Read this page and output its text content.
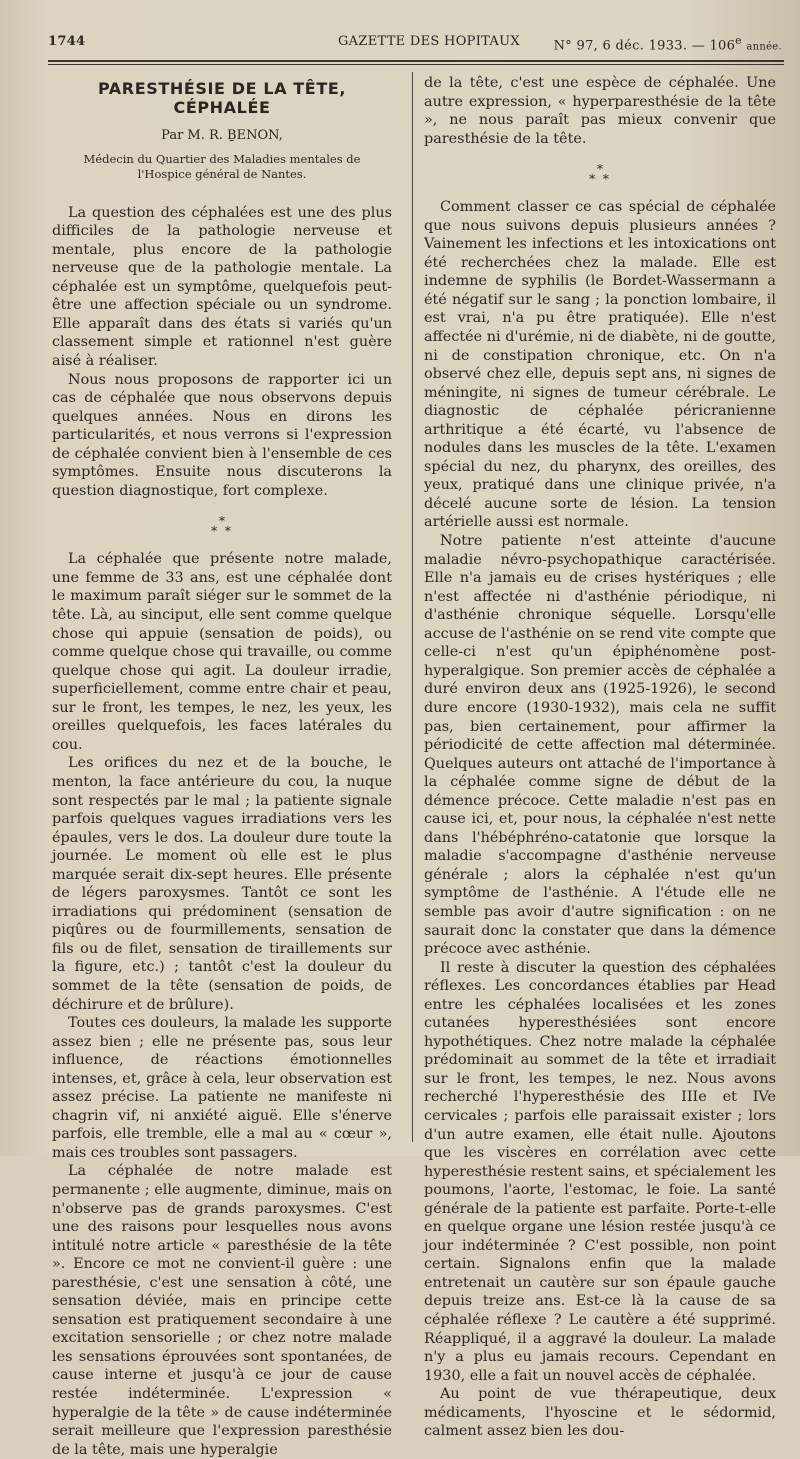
1744	GAZETTE DES HOPITAUX	N° 97, 6 déc. 1933. — 106e année.
PARESTHÉSIE DE LA TÊTE, CÉPHALÉE
Par M. R. ḆENON,
Médecin du Quartier des Maladies mentales de l'Hospice général de Nantes.

La question des céphalées est une des plus difficiles de la pathologie nerveuse et mentale, plus encore de la pathologie nerveuse que de la pathologie mentale. La céphalée est un symptôme, quelquefois peut-être une affection spéciale ou un syndrome. Elle apparaît dans des états si variés qu'un classement simple et rationnel n'est guère aisé à réaliser.

Nous nous proposons de rapporter ici un cas de céphalée que nous observons depuis quelques années. Nous en dirons les particularités, et nous verrons si l'expression de céphalée convient bien à l'ensemble de ces symptômes. Ensuite nous discuterons la question diagnostique, fort complexe.

*
* *

La céphalée que présente notre malade, une femme de 33 ans, est une céphalée dont le maximum paraît siéger sur le sommet de la tête. Là, au sinciput, elle sent comme quelque chose qui appuie (sensation de poids), ou comme quelque chose qui travaille, ou comme quelque chose qui agit. La douleur irradie, superficiellement, comme entre chair et peau, sur le front, les tempes, le nez, les yeux, les oreilles quelquefois, les faces latérales du cou.

Les orifices du nez et de la bouche, le menton, la face antérieure du cou, la nuque sont respectés par le mal ; la patiente signale parfois quelques vagues irradiations vers les épaules, vers le dos. La douleur dure toute la journée. Le moment où elle est le plus marquée serait dix-sept heures. Elle présente de légers paroxysmes. Tantôt ce sont les irradiations qui prédominent (sensation de piqûres ou de fourmillements, sensation de fils ou de filet, sensation de tiraillements sur la figure, etc.) ; tantôt c'est la douleur du sommet de la tête (sensation de poids, de déchirure et de brûlure).

Toutes ces douleurs, la malade les supporte assez bien ; elle ne présente pas, sous leur influence, de réactions émotionnelles intenses, et, grâce à cela, leur observation est assez précise. La patiente ne manifeste ni chagrin vif, ni anxiété aiguë. Elle s'énerve parfois, elle tremble, elle a mal au « cœur », mais ces troubles sont passagers.

La céphalée de notre malade est permanente ; elle augmente, diminue, mais on n'observe pas de grands paroxysmes. C'est une des raisons pour lesquelles nous avons intitulé notre article « paresthésie de la tête ». Encore ce mot ne convient-il guère : une paresthésie, c'est une sensation à côté, une sensation déviée, mais en principe cette sensation est pratiquement secondaire à une excitation sensorielle ; or chez notre malade les sensations éprouvées sont spontanées, de cause interne et jusqu'à ce jour de cause restée indéterminée. L'expression « hyperalgie de la tête » de cause indéterminée serait meilleure que l'expression paresthésie de la tête, mais une hyperalgie

de la tête, c'est une espèce de céphalée. Une autre expression, « hyperparesthésie de la tête », ne nous paraît pas mieux convenir que paresthésie de la tête.

*
* *

Comment classer ce cas spécial de céphalée que nous suivons depuis plusieurs années ? Vainement les infections et les intoxications ont été recherchées chez la malade. Elle est indemne de syphilis (le Bordet-Wassermann a été négatif sur le sang ; la ponction lombaire, il est vrai, n'a pu être pratiquée). Elle n'est affectée ni d'urémie, ni de diabète, ni de goutte, ni de constipation chronique, etc. On n'a observé chez elle, depuis sept ans, ni signes de méningite, ni signes de tumeur cérébrale. Le diagnostic de céphalée péricranienne arthritique a été écarté, vu l'absence de nodules dans les muscles de la tête. L'examen spécial du nez, du pharynx, des oreilles, des yeux, pratiqué dans une clinique privée, n'a décelé aucune sorte de lésion. La tension artérielle aussi est normale.

Notre patiente n'est atteinte d'aucune maladie névro-psychopathique caractérisée. Elle n'a jamais eu de crises hystériques ; elle n'est affectée ni d'asthénie périodique, ni d'asthénie chronique séquelle. Lorsqu'elle accuse de l'asthénie on se rend vite compte que celle-ci n'est qu'un épiphénomène post-hyperalgique. Son premier accès de céphalée a duré environ deux ans (1925-1926), le second dure encore (1930-1932), mais cela ne suffit pas, bien certainement, pour affirmer la périodicité de cette affection mal déterminée. Quelques auteurs ont attaché de l'importance à la céphalée comme signe de début de la démence précoce. Cette maladie n'est pas en cause ici, et, pour nous, la céphalée n'est nette dans l'hébéphréno-catatonie que lorsque la maladie s'accompagne d'asthénie nerveuse générale ; alors la céphalée n'est qu'un symptôme de l'asthénie. A l'étude elle ne semble pas avoir d'autre signification : on ne saurait donc la constater que dans la démence précoce avec asthénie.

Il reste à discuter la question des céphalées réflexes. Les concordances établies par Head entre les céphalées localisées et les zones cutanées hyperesthésiées sont encore hypothétiques. Chez notre malade la céphalée prédominait au sommet de la tête et irradiait sur le front, les tempes, le nez. Nous avons recherché l'hyperesthésie des IIIe et IVe cervicales ; parfois elle paraissait exister ; lors d'un autre examen, elle était nulle. Ajoutons que les viscères en corrélation avec cette hyperesthésie restent sains, et spécialement les poumons, l'aorte, l'estomac, le foie. La santé générale de la patiente est parfaite. Porte-t-elle en quelque organe une lésion restée jusqu'à ce jour indéterminée ? C'est possible, non point certain. Signalons enfin que la malade entretenait un cautère sur son épaule gauche depuis treize ans. Est-ce là la cause de sa céphalée réflexe ? Le cautère a été supprimé. Réappliqué, il a aggravé la douleur. La malade n'y a plus eu jamais recours. Cependant en 1930, elle a fait un nouvel accès de céphalée.

Au point de vue thérapeutique, deux médicaments, l'hyoscine et le sédormid, calment assez bien les dou-
